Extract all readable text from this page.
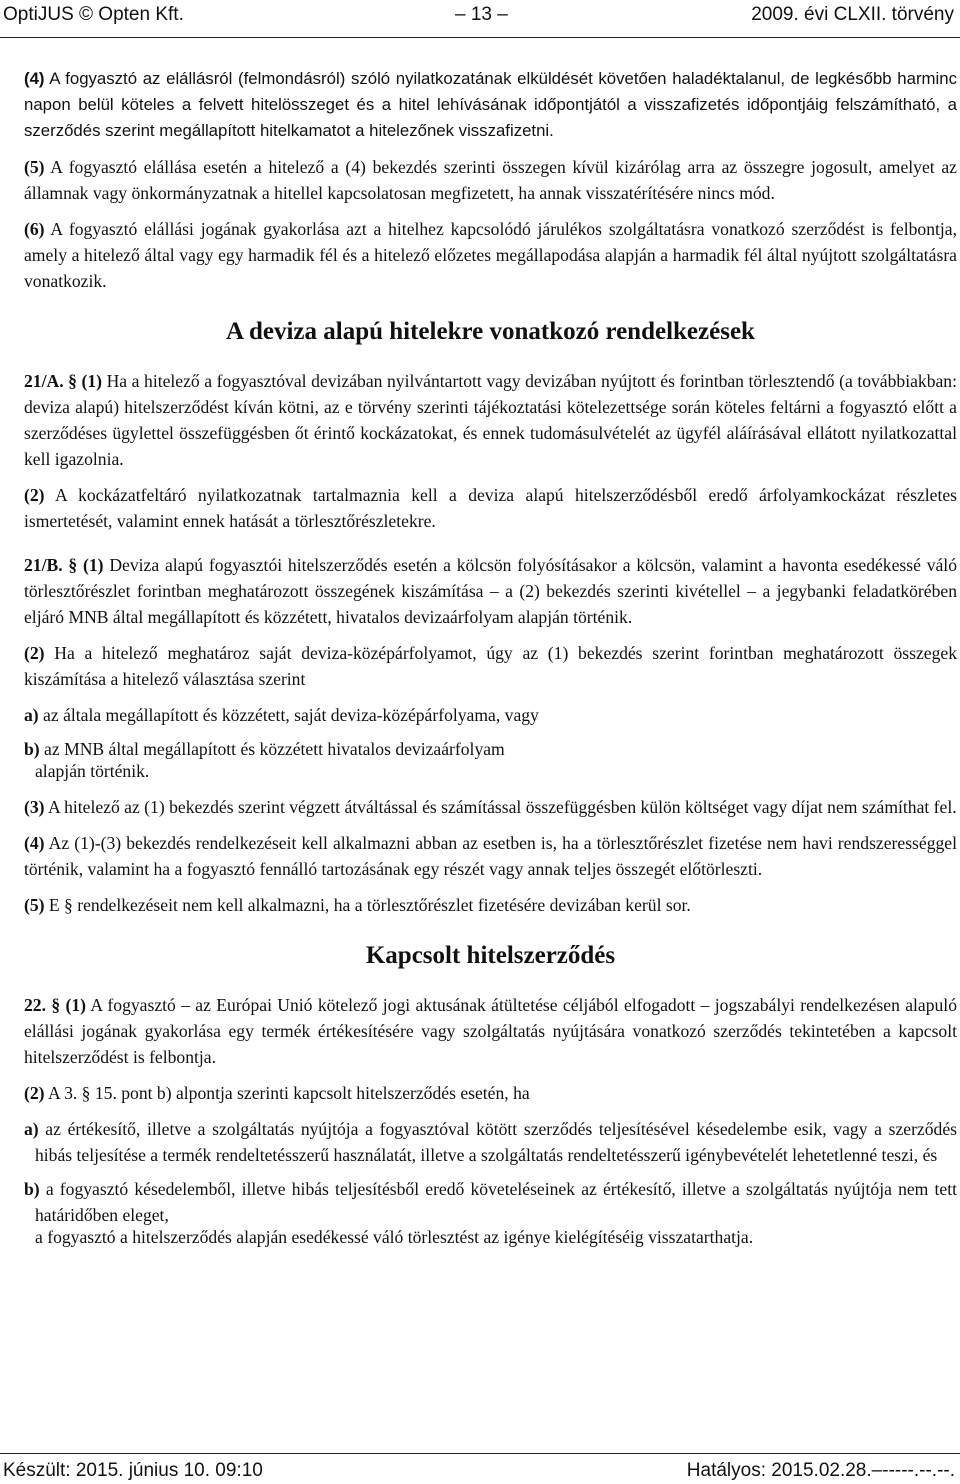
OptiJUS © Opten Kft.	– 13 –	2009. évi CLXII. törvény

(4) A fogyasztó az elállásról (felmondásról) szóló nyilatkozatának elküldését követően haladéktalanul, de legkésőbb harminc napon belül köteles a felvett hitelösszeget és a hitel lehívásának időpontjától a visszafizetés időpontjáig felszámítható, a szerződés szerint megállapított hitelkamatot a hitelezőnek visszafizetni.

(5) A fogyasztó elállása esetén a hitelező a (4) bekezdés szerinti összegen kívül kizárólag arra az összegre jogosult, amelyet az államnak vagy önkormányzatnak a hitellel kapcsolatosan megfizetett, ha annak visszatérítésére nincs mód.

(6) A fogyasztó elállási jogának gyakorlása azt a hitelhez kapcsolódó járulékos szolgáltatásra vonatkozó szerződést is felbontja, amely a hitelező által vagy egy harmadik fél és a hitelező előzetes megállapodása alapján a harmadik fél által nyújtott szolgáltatásra vonatkozik.

A deviza alapú hitelekre vonatkozó rendelkezések

21/A. § (1) Ha a hitelező a fogyasztóval devizában nyilvántartott vagy devizában nyújtott és forintban törlesztendő (a továbbiakban: deviza alapú) hitelszerződést kíván kötni, az e törvény szerinti tájékoztatási kötelezettsége során köteles feltárni a fogyasztó előtt a szerződéses ügylettel összefüggésben őt érintő kockázatokat, és ennek tudomásulvételét az ügyfél aláírásával ellátott nyilatkozattal kell igazolnia.

(2) A kockázatfeltáró nyilatkozatnak tartalmaznia kell a deviza alapú hitelszerződésből eredő árfolyamkockázat részletes ismertetését, valamint ennek hatását a törlesztőrészletekre.

21/B. § (1) Deviza alapú fogyasztói hitelszerződés esetén a kölcsön folyósításakor a kölcsön, valamint a havonta esedékessé váló törlesztőrészlet forintban meghatározott összegének kiszámítása – a (2) bekezdés szerinti kivétellel – a jegybanki feladatkörében eljáró MNB által megállapított és közzétett, hivatalos devizaárfolyam alapján történik.

(2) Ha a hitelező meghatároz saját deviza-középárfolyamot, úgy az (1) bekezdés szerint forintban meghatározott összegek kiszámítása a hitelező választása szerint

a) az általa megállapított és közzétett, saját deviza-középárfolyama, vagy

b) az MNB által megállapított és közzétett hivatalos devizaárfolyam

alapján történik.

(3) A hitelező az (1) bekezdés szerint végzett átváltással és számítással összefüggésben külön költséget vagy díjat nem számíthat fel.

(4) Az (1)-(3) bekezdés rendelkezéseit kell alkalmazni abban az esetben is, ha a törlesztőrészlet fizetése nem havi rendszerességgel történik, valamint ha a fogyasztó fennálló tartozásának egy részét vagy annak teljes összegét előtörleszti.

(5) E § rendelkezéseit nem kell alkalmazni, ha a törlesztőrészlet fizetésére devizában kerül sor.

Kapcsolt hitelszerződés

22. § (1) A fogyasztó – az Európai Unió kötelező jogi aktusának átültetése céljából elfogadott – jogszabályi rendelkezésen alapuló elállási jogának gyakorlása egy termék értékesítésére vagy szolgáltatás nyújtására vonatkozó szerződés tekintetében a kapcsolt hitelszerződést is felbontja.

(2) A 3. § 15. pont b) alpontja szerinti kapcsolt hitelszerződés esetén, ha

a) az értékesítő, illetve a szolgáltatás nyújtója a fogyasztóval kötött szerződés teljesítésével késedelembe esik, vagy a szerződés hibás teljesítése a termék rendeltetésszerű használatát, illetve a szolgáltatás rendeltetésszerű igénybevételét lehetetlenné teszi, és

b) a fogyasztó késedelemből, illetve hibás teljesítésből eredő követeléseinek az értékesítő, illetve a szolgáltatás nyújtója nem tett határidőben eleget,

a fogyasztó a hitelszerződés alapján esedékessé váló törlesztést az igénye kielégítéséig visszatarthatja.

Készült: 2015. június 10. 09:10	Hatályos: 2015.02.28.–-----.--.--.
